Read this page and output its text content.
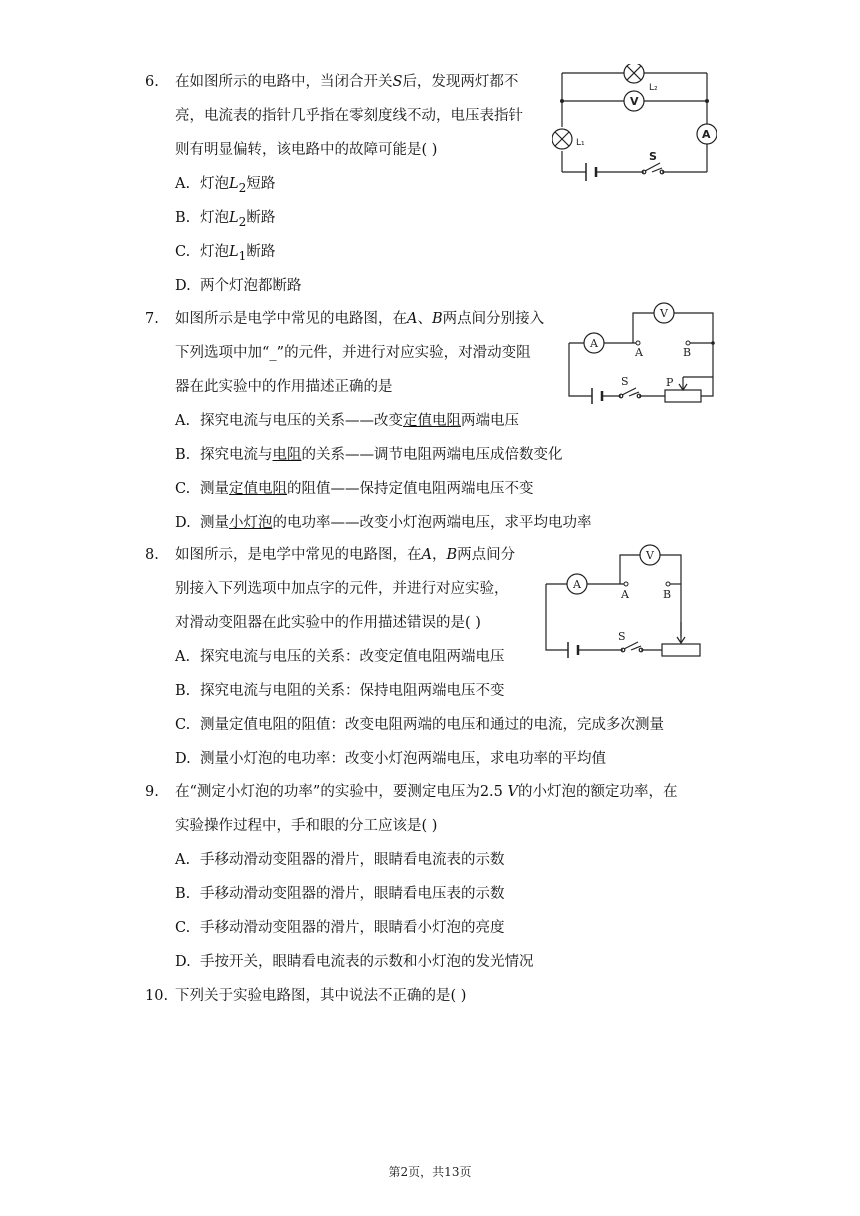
6.	在如图所示的电路中，当闭合开关S后，发现两灯都不
亮，电流表的指针几乎指在零刻度线不动，电压表指针
则有明显偏转，该电路中的故障可能是( )
A. 灯泡$L_2$短路
B. 灯泡$L_2$断路
C. 灯泡$L_1$断路
D. 两个灯泡都断路
L₂
V
L₁
A
S
7.	如图所示是电学中常见的电路图，在A、B两点间分别接入
下列选项中加“_”的元件，并进行对应实验，对滑动变阻
器在此实验中的作用描述正确的是
A. 探究电流与电压的关系——改变定值电阻两端电压
B. 探究电流与电阻的关系——调节电阻两端电压成倍数变化
C. 测量定值电阻的阻值——保持定值电阻两端电压不变
D. 测量小灯泡的电功率——改变小灯泡两端电压，求平均电功率
A
V
A	B
S	P
8.	如图所示，是电学中常见的电路图，在A，B两点间分
别接入下列选项中加点字的元件，并进行对应实验，
对滑动变阻器在此实验中的作用描述错误的是( )
A. 探究电流与电压的关系：改变定值电阻两端电压
B. 探究电流与电阻的关系：保持电阻两端电压不变
C. 测量定值电阻的阻值：改变电阻两端的电压和通过的电流，完成多次测量
D. 测量小灯泡的电功率：改变小灯泡两端电压，求电功率的平均值
A
V
A	B
S
9.	在“测定小灯泡的功率”的实验中，要测定电压为2.5 V的小灯泡的额定功率，在
实验操作过程中，手和眼的分工应该是( )
A. 手移动滑动变阻器的滑片，眼睛看电流表的示数
B. 手移动滑动变阻器的滑片，眼睛看电压表的示数
C. 手移动滑动变阻器的滑片，眼睛看小灯泡的亮度
D. 手按开关，眼睛看电流表的示数和小灯泡的发光情况
10. 下列关于实验电路图，其中说法不正确的是( )
第2页，共13页
